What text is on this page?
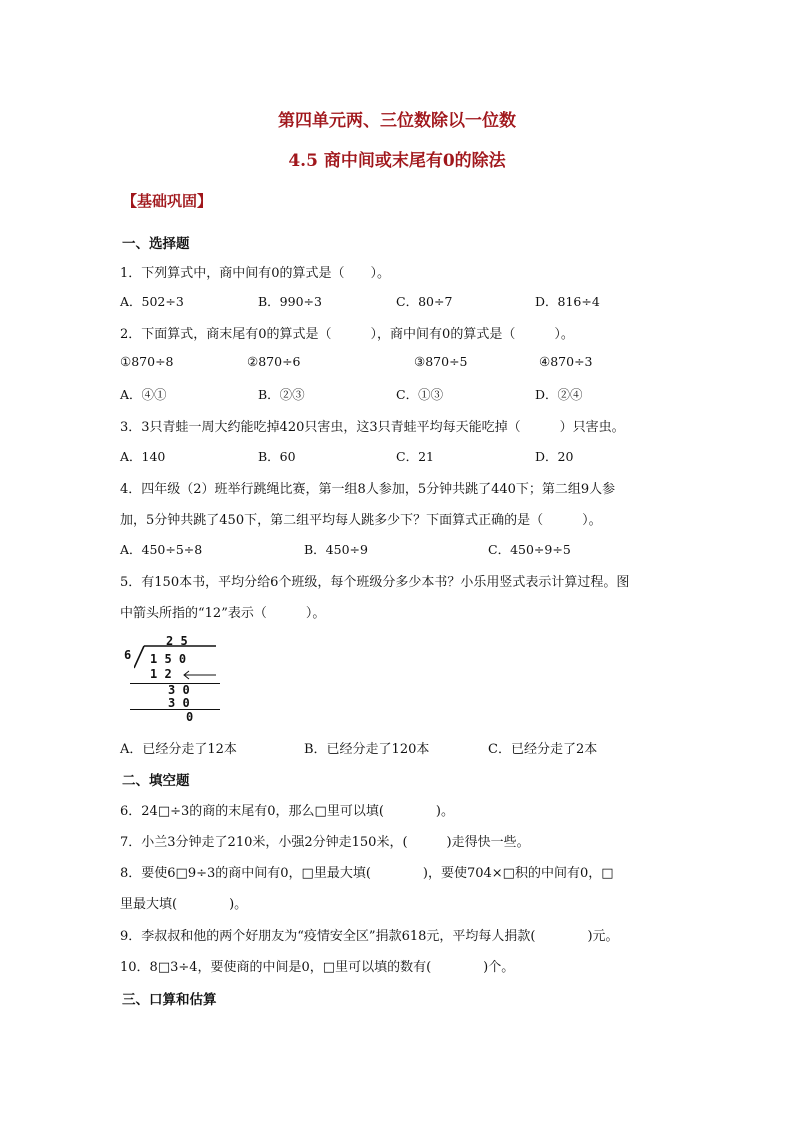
第四单元两、三位数除以一位数
4.5 商中间或末尾有0的除法
【基础巩固】
一、选择题
1．下列算式中，商中间有0的算式是（　　）。
A．502÷3	B．990÷3	C．80÷7	D．816÷4
2．下面算式，商末尾有0的算式是（　　　），商中间有0的算式是（　　　）。
①870÷8	②870÷6	③870÷5	④870÷3
A．④①	B．②③	C．①③	D．②④
3．3只青蛙一周大约能吃掉420只害虫，这3只青蛙平均每天能吃掉（　　　）只害虫。
A．140	B．60	C．21	D．20
4．四年级（2）班举行跳绳比赛，第一组8人参加，5分钟共跳了440下；第二组9人参
加，5分钟共跳了450下，第二组平均每人跳多少下？下面算式正确的是（　　　）。
A．450÷5÷8	B．450÷9	C．450÷9÷5
5．有150本书，平均分给6个班级，每个班级分多少本书？小乐用竖式表示计算过程。图
中箭头所指的“12”表示（　　　）。
2 5
6 1 5 0
1 2
3 0
3 0
0
A．已经分走了12本	B．已经分走了120本	C．已经分走了2本
二、填空题
6．24□÷3的商的末尾有0，那么□里可以填(　　　　)。
7．小兰3分钟走了210米，小强2分钟走150米，(　　　)走得快一些。
8．要使6□9÷3的商中间有0，□里最大填(　　　　)，要使704×□积的中间有0，□
里最大填(　　　　)。
9．李叔叔和他的两个好朋友为“疫情安全区”捐款618元，平均每人捐款(　　　　)元。
10．8□3÷4，要使商的中间是0，□里可以填的数有(　　　　)个。
三、口算和估算
